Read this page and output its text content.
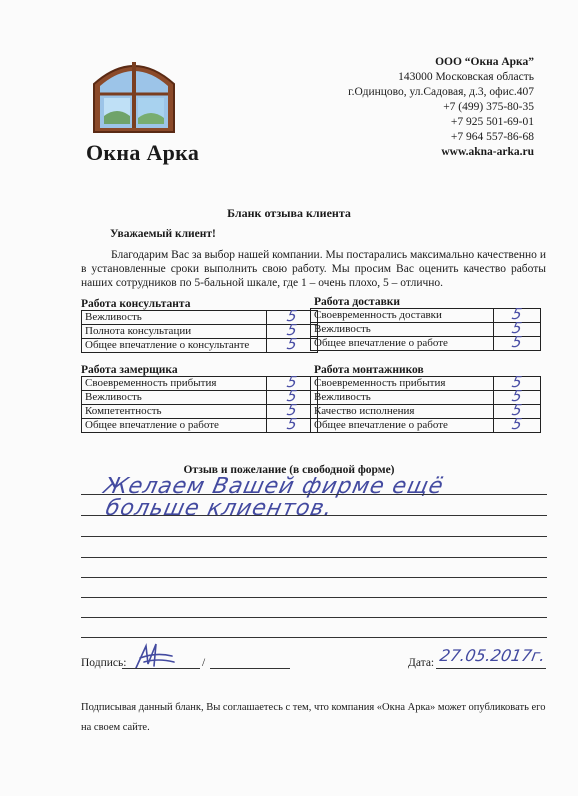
Окна Арка
ООО “Окна Арка”
143000 Московская область
г.Одинцово, ул.Садовая, д.3, офис.407
+7 (499) 375-80-35
+7 925 501-69-01
+7 964 557-86-68
www.akna-arka.ru
Бланк отзыва клиента
Уважаемый клиент!
Благодарим Вас за выбор нашей компании. Мы постарались максимально качественно и в установленные сроки выполнить свою работу. Мы просим Вас оценить качество работы наших сотрудников по 5-бальной шкале, где 1 – очень плохо, 5 – отлично.
Работа консультанта
Вежливость	5
Полнота консультации	5
Общее впечатление о консультанте	5
Работа доставки
Своевременность доставки	5
Вежливость	5
Общее впечатление о работе	5
Работа замерщика
Своевременность прибытия	5
Вежливость	5
Компетентность	5
Общее впечатление о работе	5
Работа монтажников
Своевременность прибытия	5
Вежливость	5
Качество исполнения	5
Общее впечатление о работе	5
Отзыв и пожелание (в свободной форме)
Желаем Вашей фирме ещё
больше клиентов.
Подпись:	/	Дата: 27.05.2017г.
Подписывая данный бланк, Вы соглашаетесь с тем, что компания «Окна Арка» может опубликовать его на своем сайте.
